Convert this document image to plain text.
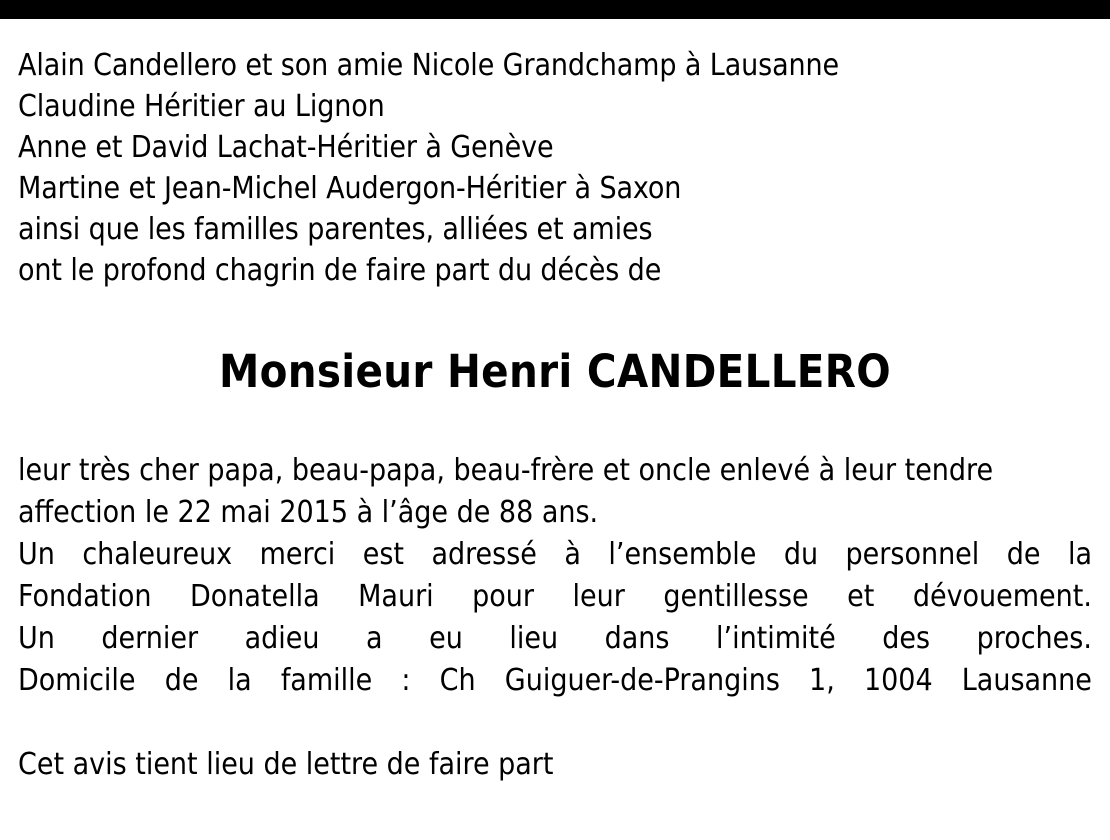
Alain Candellero et son amie Nicole Grandchamp à Lausanne
Claudine Héritier au Lignon
Anne et David Lachat-Héritier à Genève
Martine et Jean-Michel Audergon-Héritier à Saxon
ainsi que les familles parentes, alliées et amies
ont le profond chagrin de faire part du décès de
Monsieur Henri CANDELLERO
leur très cher papa, beau-papa, beau-frère et oncle enlevé à leur tendre
affection le 22 mai 2015 à l’âge de 88 ans.
Un chaleureux merci est adressé à l’ensemble du personnel de la
Fondation Donatella Mauri pour leur gentillesse et dévouement.
Un dernier adieu a eu lieu dans l’intimité des proches.
Domicile de la famille : Ch Guiguer-de-Prangins 1, 1004 Lausanne
Cet avis tient lieu de lettre de faire part
